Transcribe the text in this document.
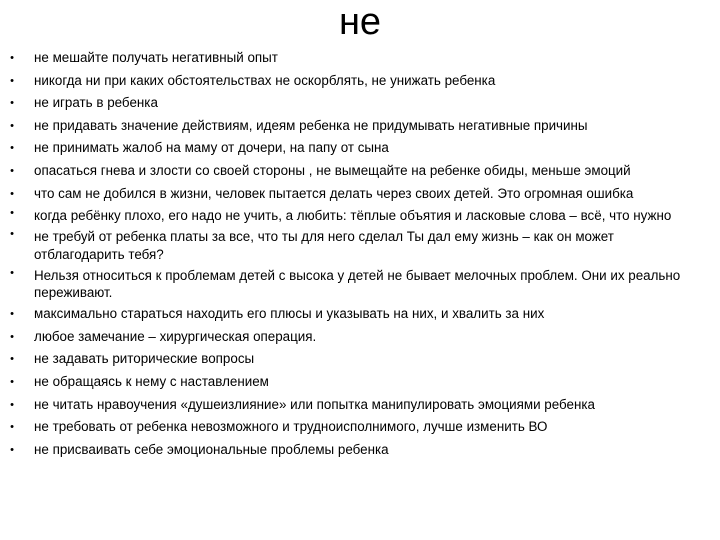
не
•	не мешайте получать негативный опыт
•	никогда ни при каких обстоятельствах не оскорблять, не унижать ребенка
•	не играть в ребенка
•	не придавать значение действиям, идеям ребенка не придумывать негативные причины
•	не принимать жалоб на маму от дочери, на папу от сына
•	опасаться гнева и злости со своей стороны , не вымещайте на ребенке обиды, меньше эмоций
•	что сам не добился в жизни, человек пытается делать через своих детей. Это огромная ошибка
•	когда ребёнку плохо, его надо не учить, а любить: тёплые объятия и ласковые слова – всё, что нужно
•	не требуй от ребенка платы за все, что ты для него сделал Ты дал ему жизнь – как он может отблагодарить тебя?
•	Нельзя относиться к проблемам детей с высока у детей не бывает мелочных проблем. Они их реально переживают.
•	максимально стараться находить его плюсы и указывать на них, и хвалить за них
•	любое замечание – хирургическая операция.
•	не задавать риторические вопросы
•	не обращаясь к нему с наставлением
•	не читать нравоучения «душеизлияние» или попытка манипулировать эмоциями ребенка
•	не требовать от ребенка невозможного и трудноисполнимого, лучше изменить ВО
•	не присваивать себе эмоциональные проблемы ребенка
